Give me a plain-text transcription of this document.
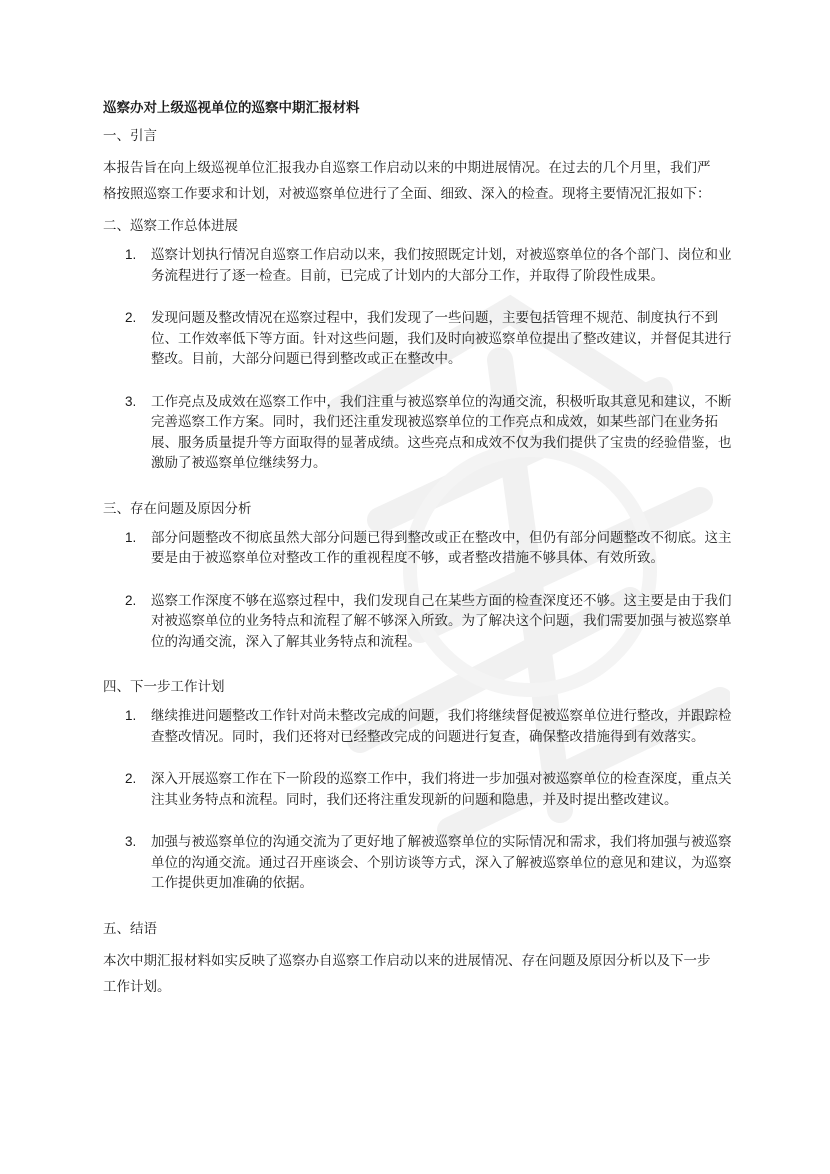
巡察办对上级巡视单位的巡察中期汇报材料
一、引言
本报告旨在向上级巡视单位汇报我办自巡察工作启动以来的中期进展情况。在过去的几个月里，我们严格按照巡察工作要求和计划，对被巡察单位进行了全面、细致、深入的检查。现将主要情况汇报如下：
二、巡察工作总体进展
1. 巡察计划执行情况自巡察工作启动以来，我们按照既定计划，对被巡察单位的各个部门、岗位和业务流程进行了逐一检查。目前，已完成了计划内的大部分工作，并取得了阶段性成果。
2. 发现问题及整改情况在巡察过程中，我们发现了一些问题，主要包括管理不规范、制度执行不到位、工作效率低下等方面。针对这些问题，我们及时向被巡察单位提出了整改建议，并督促其进行整改。目前，大部分问题已得到整改或正在整改中。
3. 工作亮点及成效在巡察工作中，我们注重与被巡察单位的沟通交流，积极听取其意见和建议，不断完善巡察工作方案。同时，我们还注重发现被巡察单位的工作亮点和成效，如某些部门在业务拓展、服务质量提升等方面取得的显著成绩。这些亮点和成效不仅为我们提供了宝贵的经验借鉴，也激励了被巡察单位继续努力。
三、存在问题及原因分析
1. 部分问题整改不彻底虽然大部分问题已得到整改或正在整改中，但仍有部分问题整改不彻底。这主要是由于被巡察单位对整改工作的重视程度不够，或者整改措施不够具体、有效所致。
2. 巡察工作深度不够在巡察过程中，我们发现自己在某些方面的检查深度还不够。这主要是由于我们对被巡察单位的业务特点和流程了解不够深入所致。为了解决这个问题，我们需要加强与被巡察单位的沟通交流，深入了解其业务特点和流程。
四、下一步工作计划
1. 继续推进问题整改工作针对尚未整改完成的问题，我们将继续督促被巡察单位进行整改，并跟踪检查整改情况。同时，我们还将对已经整改完成的问题进行复查，确保整改措施得到有效落实。
2. 深入开展巡察工作在下一阶段的巡察工作中，我们将进一步加强对被巡察单位的检查深度，重点关注其业务特点和流程。同时，我们还将注重发现新的问题和隐患，并及时提出整改建议。
3. 加强与被巡察单位的沟通交流为了更好地了解被巡察单位的实际情况和需求，我们将加强与被巡察单位的沟通交流。通过召开座谈会、个别访谈等方式，深入了解被巡察单位的意见和建议，为巡察工作提供更加准确的依据。
五、结语
本次中期汇报材料如实反映了巡察办自巡察工作启动以来的进展情况、存在问题及原因分析以及下一步工作计划。
